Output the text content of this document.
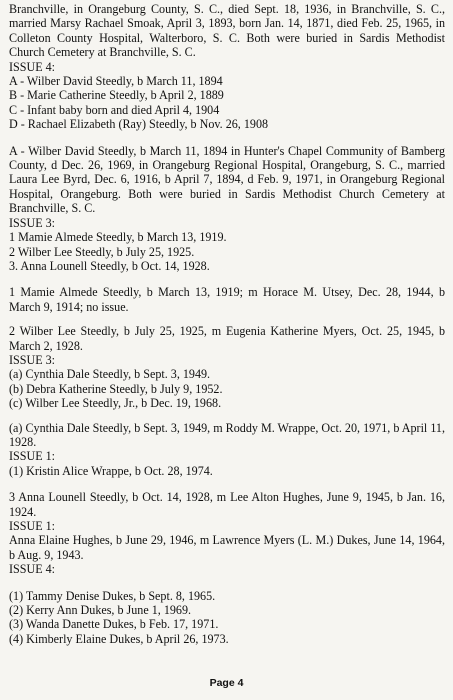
Branchville, in Orangeburg County, S. C., died Sept. 18, 1936, in Branchville, S. C., married Marsy Rachael Smoak, April 3, 1893, born Jan. 14, 1871, died Feb. 25, 1965, in Colleton County Hospital, Walterboro, S. C. Both were buried in Sardis Methodist Church Cemetery at Branchville, S. C.

ISSUE 4:
A - Wilber David Steedly, b March 11, 1894
B - Marie Catherine Steedly, b April 2, 1889
C - Infant baby born and died April 4, 1904
D - Rachael Elizabeth (Ray) Steedly, b Nov. 26, 1908

A - Wilber David Steedly, b March 11, 1894 in Hunter's Chapel Community of Bamberg County, d Dec. 26, 1969, in Orangeburg Regional Hospital, Orangeburg, S. C., married Laura Lee Byrd, Dec. 6, 1916, b April 7, 1894, d Feb. 9, 1971, in Orangeburg Regional Hospital, Orangeburg. Both were buried in Sardis Methodist Church Cemetery at Branchville, S. C.

ISSUE 3:
1 Mamie Almede Steedly, b March 13, 1919.
2 Wilber Lee Steedly, b July 25, 1925.
3. Anna Lounell Steedly, b Oct. 14, 1928.

1 Mamie Almede Steedly, b March 13, 1919; m Horace M. Utsey, Dec. 28, 1944, b March 9, 1914; no issue.

2 Wilber Lee Steedly, b July 25, 1925, m Eugenia Katherine Myers, Oct. 25, 1945, b March 2, 1928.

ISSUE 3:
(a) Cynthia Dale Steedly, b Sept. 3, 1949.
(b) Debra Katherine Steedly, b July 9, 1952.
(c) Wilber Lee Steedly, Jr., b Dec. 19, 1968.

(a) Cynthia Dale Steedly, b Sept. 3, 1949, m Roddy M. Wrappe, Oct. 20, 1971, b April 11, 1928.

ISSUE 1:
(1) Kristin Alice Wrappe, b Oct. 28, 1974.

3 Anna Lounell Steedly, b Oct. 14, 1928, m Lee Alton Hughes, June 9, 1945, b Jan. 16, 1924.

ISSUE 1:

Anna Elaine Hughes, b June 29, 1946, m Lawrence Myers (L. M.) Dukes, June 14, 1964, b Aug. 9, 1943.

ISSUE 4:
(1) Tammy Denise Dukes, b Sept. 8, 1965.
(2) Kerry Ann Dukes, b June 1, 1969.
(3) Wanda Danette Dukes, b Feb. 17, 1971.
(4) Kimberly Elaine Dukes, b April 26, 1973.
Page 4
